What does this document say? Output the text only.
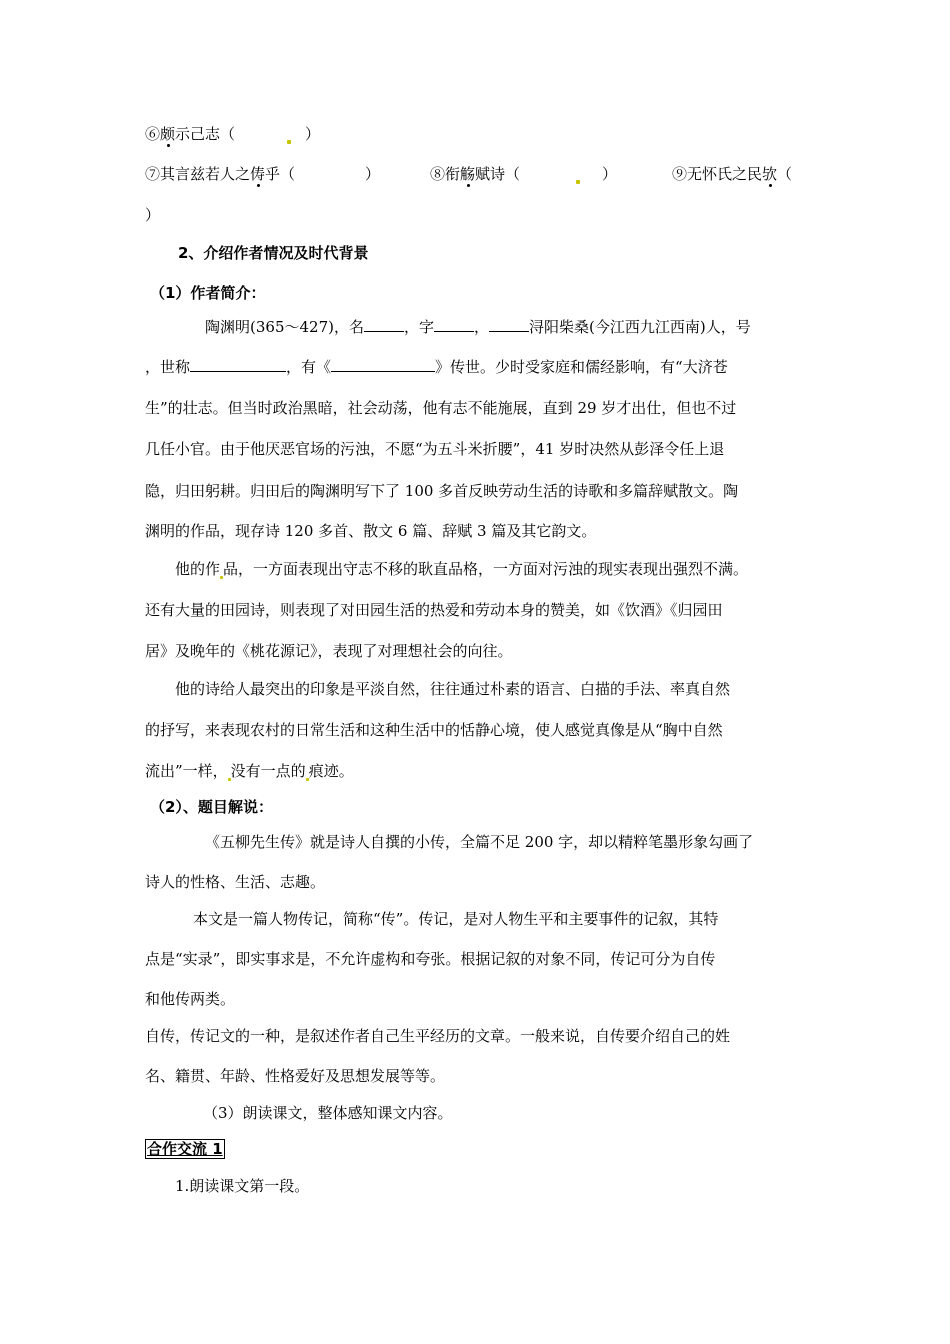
⑥颇示己志（	）
⑦其言兹若人之俦乎（	）	⑧衔觞赋诗（	）	⑨无怀氏之民欤（
）
2、介绍作者情况及时代背景
（1）作者简介：
陶渊明(365～427)，名	，字	，	浔阳柴桑(今江西九江西南)人，号
，世称	，有《	》传世。少时受家庭和儒经影响，有“大济苍
生”的壮志。但当时政治黑暗，社会动荡，他有志不能施展，直到 29 岁才出仕，但也不过
几任小官。由于他厌恶官场的污浊，不愿“为五斗米折腰”，41 岁时决然从彭泽令任上退
隐，归田躬耕。归田后的陶渊明写下了 100 多首反映劳动生活的诗歌和多篇辞赋散文。陶
渊明的作品，现存诗 120 多首、散文 6 篇、辞赋 3 篇及其它韵文。
他的作 品，一方面表现出守志不移的耿直品格，一方面对污浊的现实表现出强烈不满。
还有大量的田园诗，则表现了对田园生活的热爱和劳动本身的赞美，如《饮酒》《归园田
居》及晚年的《桃花源记》，表现了对理想社会的向往。
他的诗给人最突出的印象是平淡自然，往往通过朴素的语言、白描的手法、率真自然
的抒写，来表现农村的日常生活和这种生活中的恬静心境，使人感觉真像是从“胸中自然
流出”一样， 没有一点的 痕迹。
（2）、题目解说：
《五柳先生传》就是诗人自撰的小传，全篇不足 200 字，却以精粹笔墨形象勾画了
诗人的性格、生活、志趣。
本文是一篇人物传记，简称“传”。传记，是对人物生平和主要事件的记叙，其特
点是“实录”，即实事求是，不允许虚构和夸张。根据记叙的对象不同，传记可分为自传
和他传两类。
自传，传记文的一种，是叙述作者自己生平经历的文章。一般来说，自传要介绍自己的姓
名、籍贯、年龄、性格爱好及思想发展等等。
（3）朗读课文，整体感知课文内容。
合作交流 1
1.朗读课文第一段。
